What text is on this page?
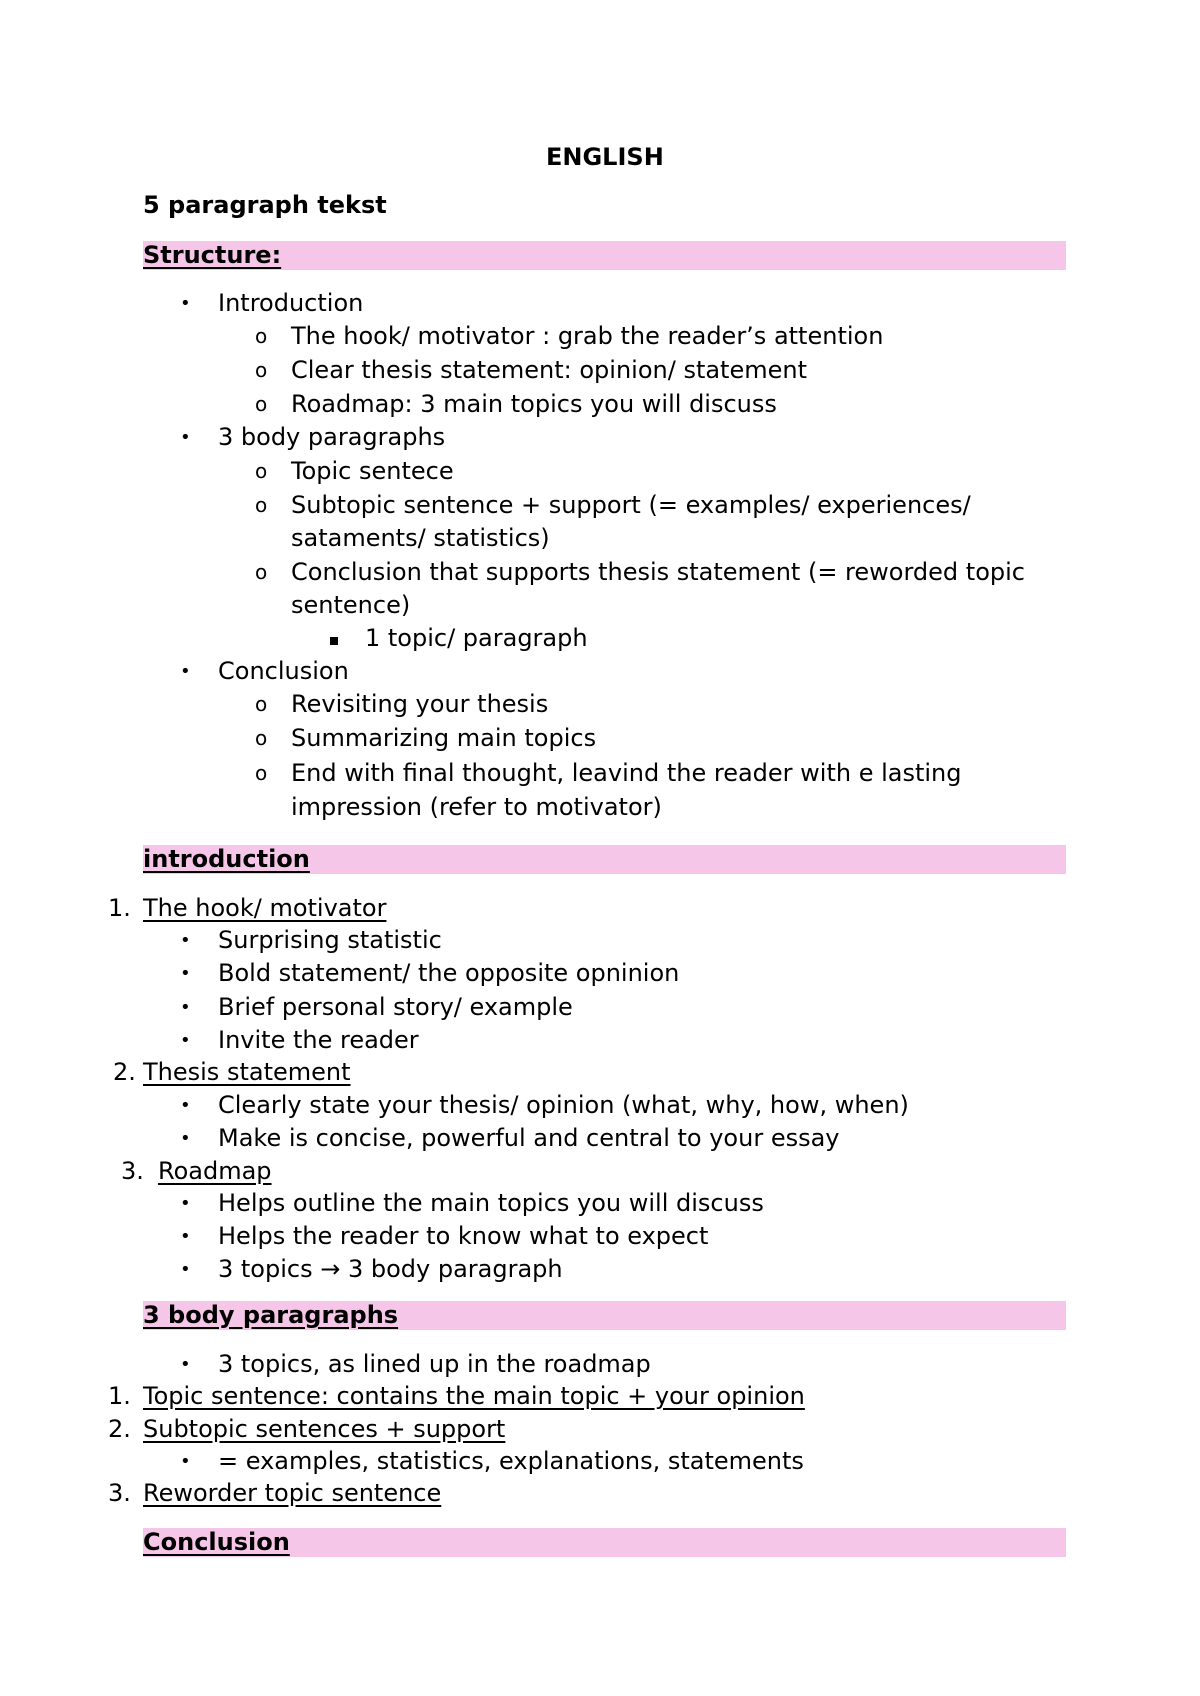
ENGLISH
5 paragraph tekst
Structure:
• Introduction
o The hook/ motivator : grab the reader’s attention
o Clear thesis statement: opinion/ statement
o Roadmap: 3 main topics you will discuss
• 3 body paragraphs
o Topic sentece
o Subtopic sentence + support (= examples/ experiences/
sataments/ statistics)
o Conclusion that supports thesis statement (= reworded topic
sentence)
1 topic/ paragraph
• Conclusion
o Revisiting your thesis
o Summarizing main topics
o End with final thought, leavind the reader with e lasting
impression (refer to motivator)
introduction
1. The hook/ motivator
• Surprising statistic
• Bold statement/ the opposite opninion
• Brief personal story/ example
• Invite the reader
2. Thesis statement
• Clearly state your thesis/ opinion (what, why, how, when)
• Make is concise, powerful and central to your essay
3. Roadmap
• Helps outline the main topics you will discuss
• Helps the reader to know what to expect
• 3 topics → 3 body paragraph
3 body paragraphs
• 3 topics, as lined up in the roadmap
1. Topic sentence: contains the main topic + your opinion
2. Subtopic sentences + support
• = examples, statistics, explanations, statements
3. Reworder topic sentence
Conclusion
